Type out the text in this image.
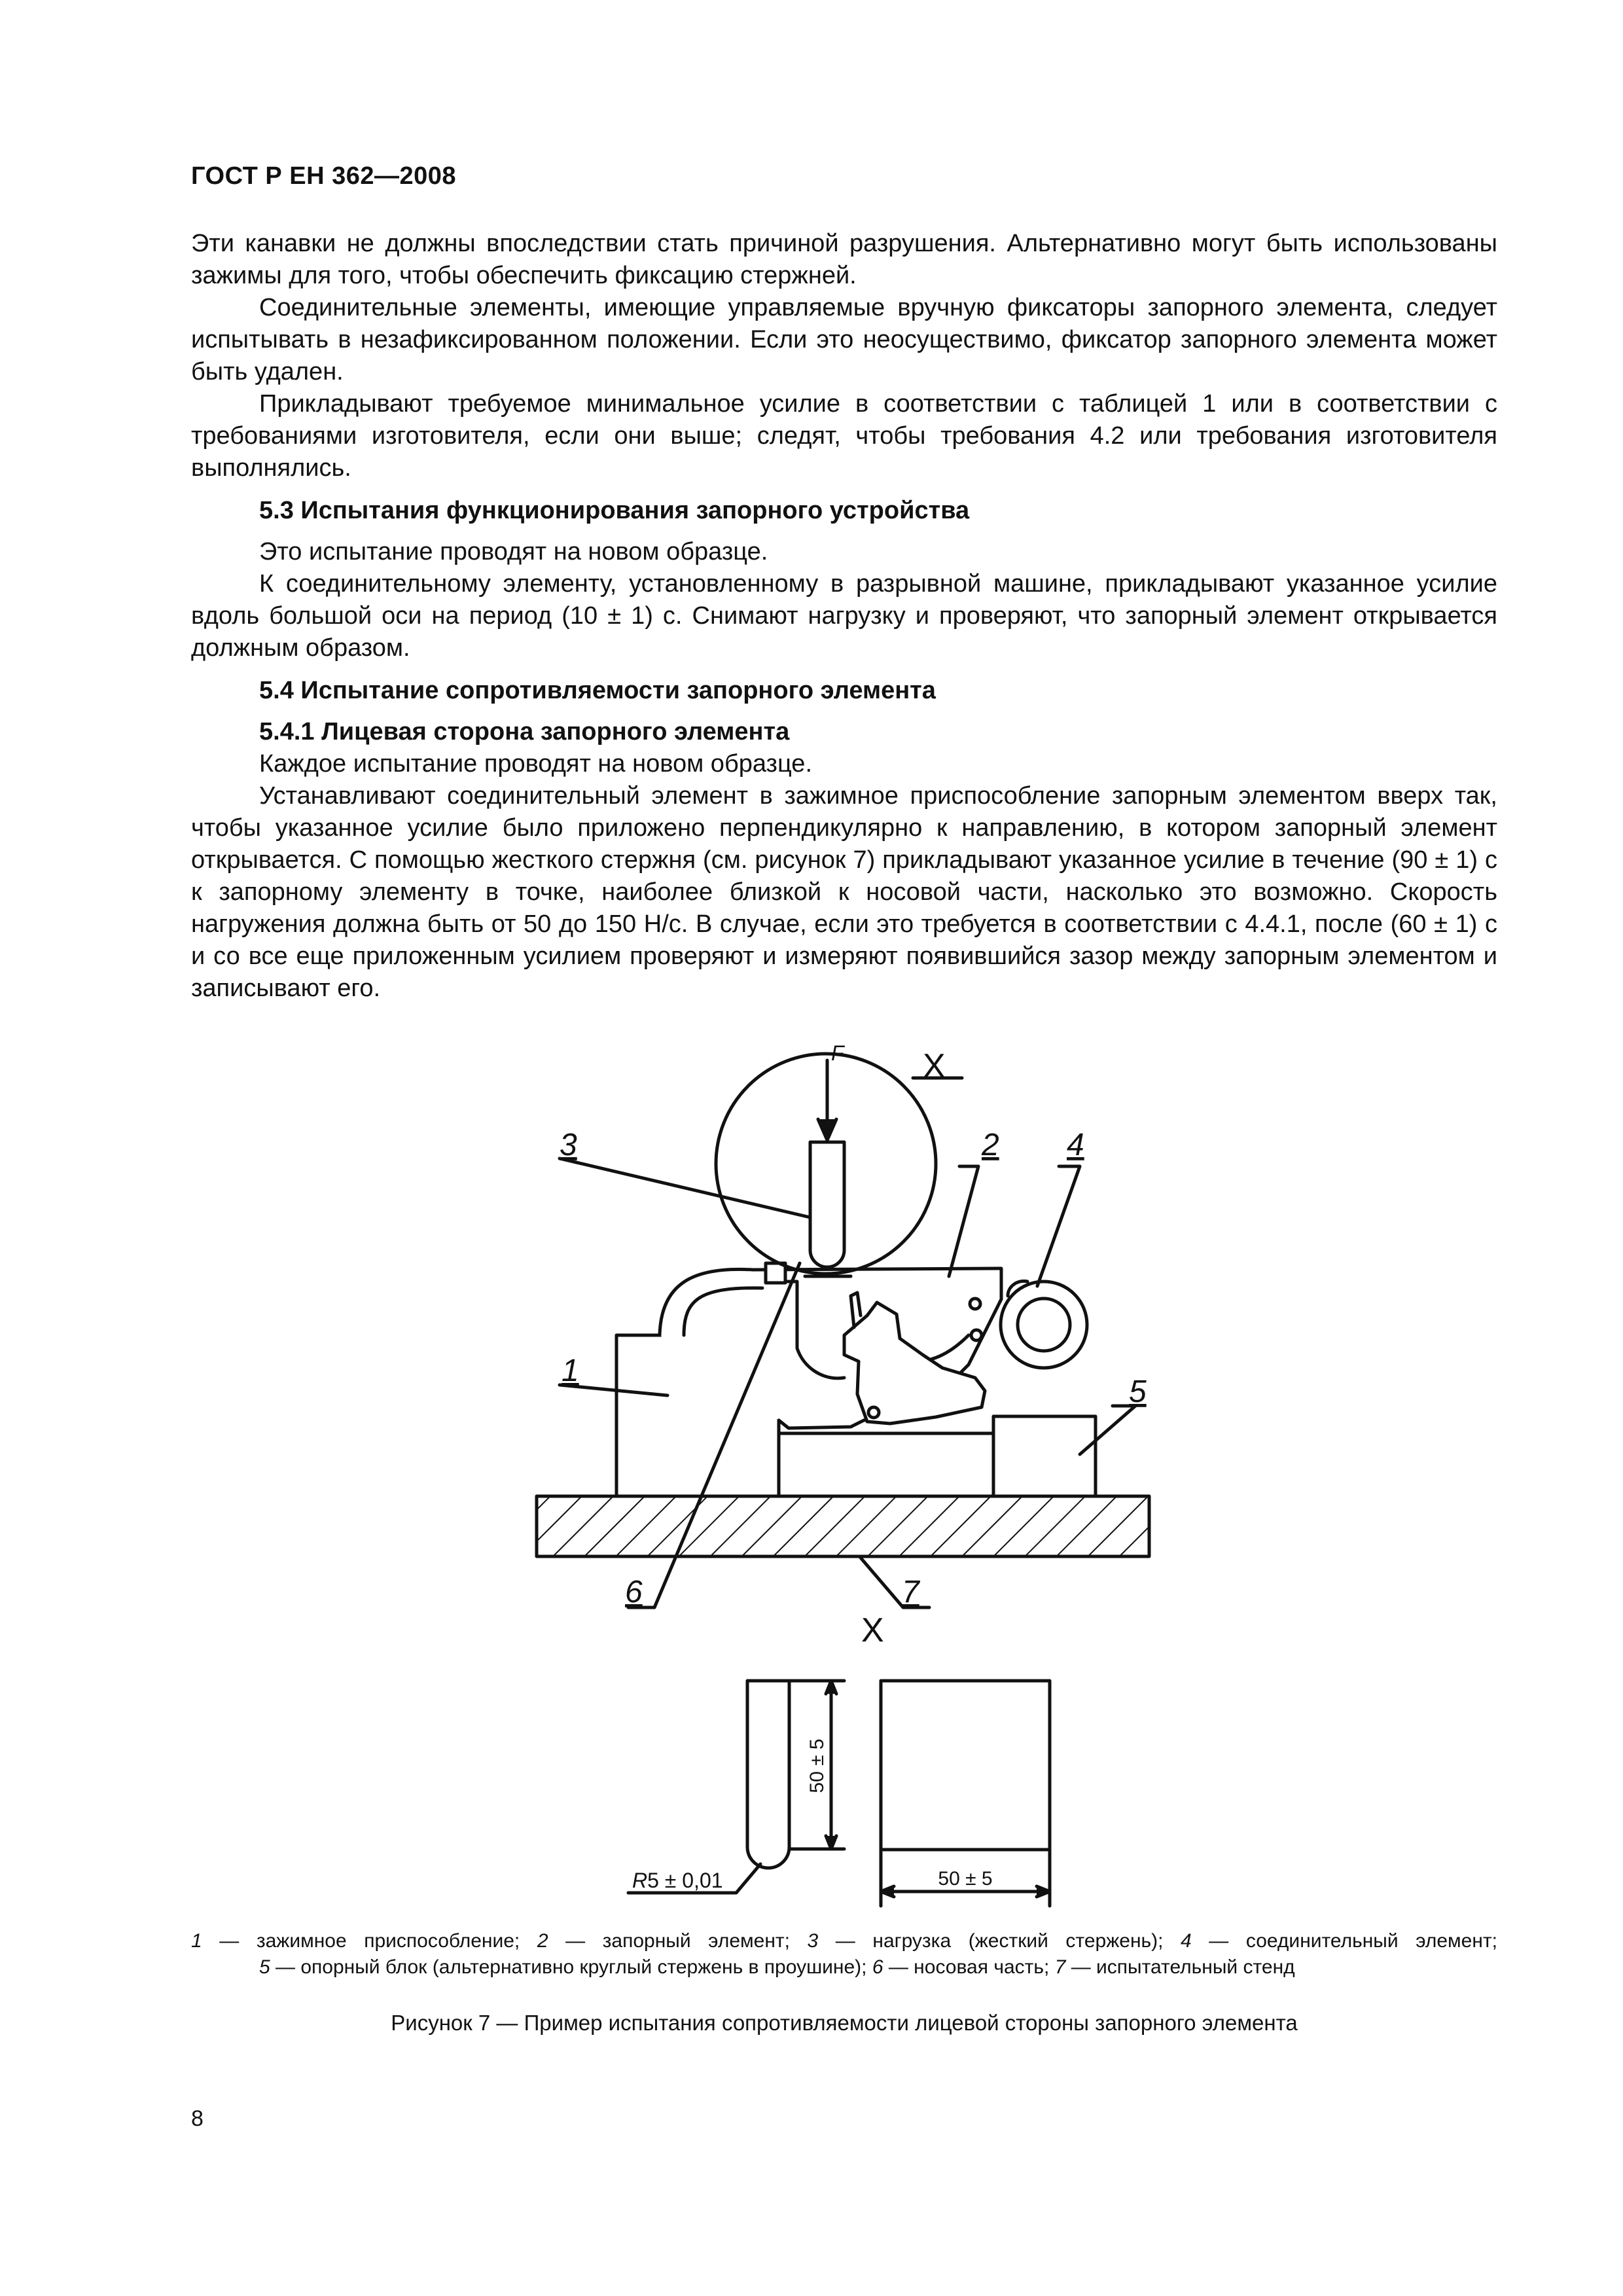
ГОСТ Р ЕН 362—2008

Эти канавки не должны впоследствии стать причиной разрушения. Альтернативно могут быть использованы зажимы для того, чтобы обеспечить фиксацию стержней.

Соединительные элементы, имеющие управляемые вручную фиксаторы запорного элемента, следует испытывать в незафиксированном положении. Если это неосуществимо, фиксатор запорного элемента может быть удален.

Прикладывают требуемое минимальное усилие в соответствии с таблицей 1 или в соответствии с требованиями изготовителя, если они выше; следят, чтобы требования 4.2 или требования изготовителя выполнялись.

5.3 Испытания функционирования запорного устройства

Это испытание проводят на новом образце.

К соединительному элементу, установленному в разрывной машине, прикладывают указанное усилие вдоль большой оси на период (10 ± 1) с. Снимают нагрузку и проверяют, что запорный элемент открывается должным образом.

5.4 Испытание сопротивляемости запорного элемента
5.4.1 Лицевая сторона запорного элемента

Каждое испытание проводят на новом образце.

Устанавливают соединительный элемент в зажимное приспособление запорным элементом вверх так, чтобы указанное усилие было приложено перпендикулярно к направлению, в котором запорный элемент открывается. С помощью жесткого стержня (см. рисунок 7) прикладывают указанное усилие в течение (90 ± 1) с к запорному элементу в точке, наиболее близкой к носовой части, насколько это возможно. Скорость нагружения должна быть от 50 до 150 Н/с. В случае, если это требуется в соответствии с 4.4.1, после (60 ± 1) с и со все еще приложенным усилием проверяют и измеряют появившийся зазор между запорным элементом и записывают его.

F X
3	2 4
1
5
6	7
X
50 ± 5
50 ± 5
R5 ± 0,01
1 — зажимное приспособление; 2 — запорный элемент; 3 — нагрузка (жесткий стержень); 4 — соединительный элемент;
5 — опорный блок (альтернативно круглый стержень в проушине); 6 — носовая часть; 7 — испытательный стенд
Рисунок 7 — Пример испытания сопротивляемости лицевой стороны запорного элемента
8
